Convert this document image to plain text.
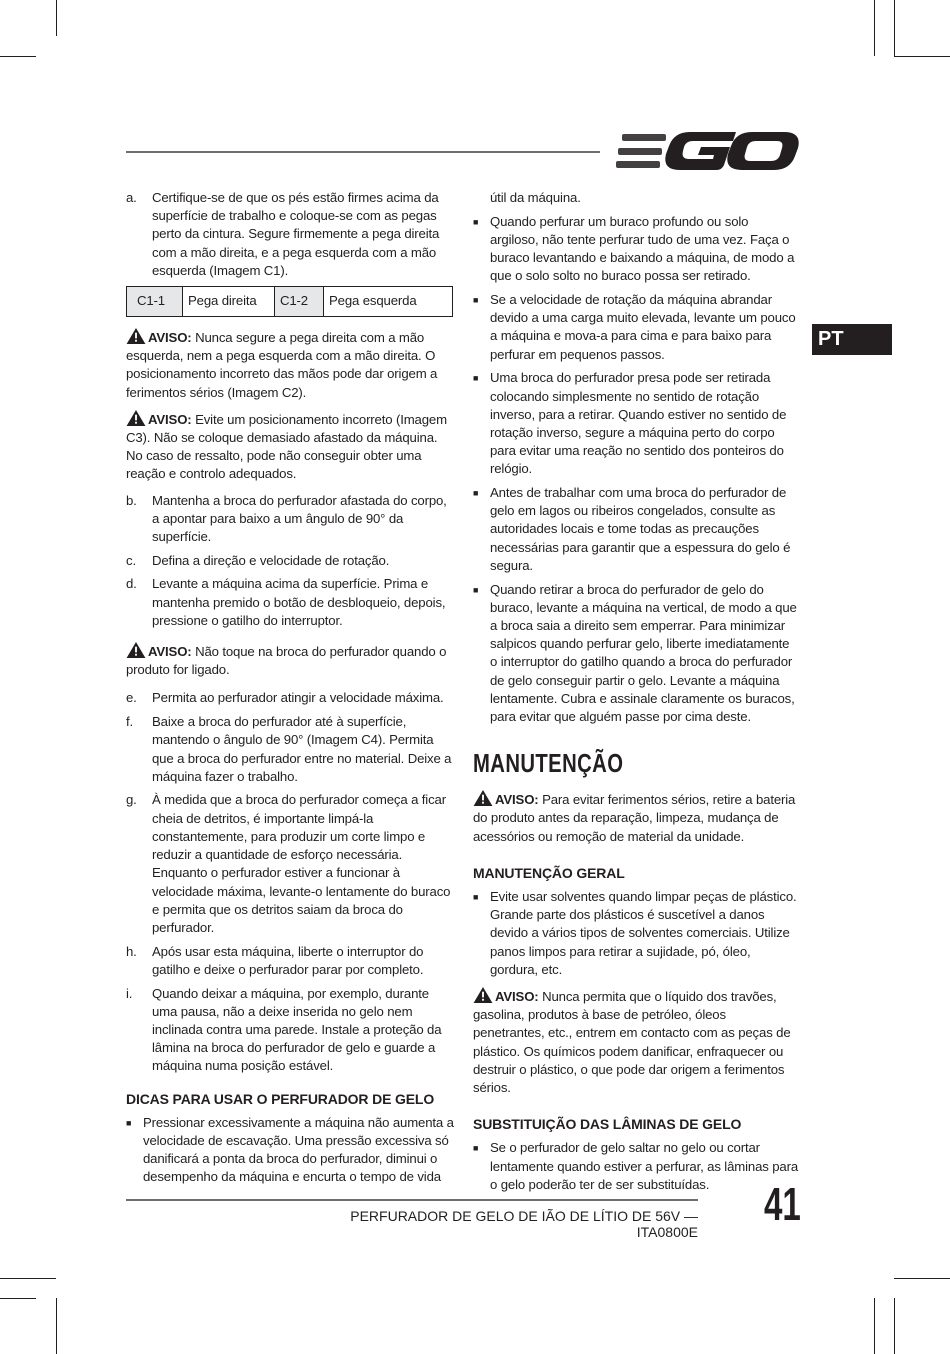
PT
a.	Certifique-se de que os pés estão firmes acima da superfície de trabalho e coloque-se com as pegas perto da cintura. Segure firmemente a pega direita com a mão direita, e a pega esquerda com a mão esquerda (Imagem C1).
C1-1	Pega direita	C1-2	Pega esquerda

AVISO: Nunca segure a pega direita com a mão esquerda, nem a pega esquerda com a mão direita. O posicionamento incorreto das mãos pode dar origem a ferimentos sérios (Imagem C2).

AVISO: Evite um posicionamento incorreto (Imagem C3). Não se coloque demasiado afastado da máquina. No caso de ressalto, pode não conseguir obter uma reação e controlo adequados.

b.	Mantenha a broca do perfurador afastada do corpo, a apontar para baixo a um ângulo de 90° da superfície.
c.	Defina a direção e velocidade de rotação.
d.	Levante a máquina acima da superfície. Prima e mantenha premido o botão de desbloqueio, depois, pressione o gatilho do interruptor.

AVISO: Não toque na broca do perfurador quando o produto for ligado.

e.	Permita ao perfurador atingir a velocidade máxima.
f.	Baixe a broca do perfurador até à superfície, mantendo o ângulo de 90° (Imagem C4). Permita que a broca do perfurador entre no material. Deixe a máquina fazer o trabalho.
g.	À medida que a broca do perfurador começa a ficar cheia de detritos, é importante limpá-la constantemente, para produzir um corte limpo e reduzir a quantidade de esforço necessária. Enquanto o perfurador estiver a funcionar à velocidade máxima, levante-o lentamente do buraco e permita que os detritos saiam da broca do perfurador.
h.	Após usar esta máquina, liberte o interruptor do gatilho e deixe o perfurador parar por completo.
i.	Quando deixar a máquina, por exemplo, durante uma pausa, não a deixe inserida no gelo nem inclinada contra uma parede. Instale a proteção da lâmina na broca do perfurador de gelo e guarde a máquina numa posição estável.
DICAS PARA USAR O PERFURADOR DE GELO
■ Pressionar excessivamente a máquina não aumenta a velocidade de escavação. Uma pressão excessiva só danificará a ponta da broca do perfurador, diminui o desempenho da máquina e encurta o tempo de vida
útil da máquina.
■ Quando perfurar um buraco profundo ou solo argiloso, não tente perfurar tudo de uma vez. Faça o buraco levantando e baixando a máquina, de modo a que o solo solto no buraco possa ser retirado.
■ Se a velocidade de rotação da máquina abrandar devido a uma carga muito elevada, levante um pouco a máquina e mova-a para cima e para baixo para perfurar em pequenos passos.
■ Uma broca do perfurador presa pode ser retirada colocando simplesmente no sentido de rotação inverso, para a retirar. Quando estiver no sentido de rotação inverso, segure a máquina perto do corpo para evitar uma reação no sentido dos ponteiros do relógio.
■ Antes de trabalhar com uma broca do perfurador de gelo em lagos ou ribeiros congelados, consulte as autoridades locais e tome todas as precauções necessárias para garantir que a espessura do gelo é segura.
■ Quando retirar a broca do perfurador de gelo do buraco, levante a máquina na vertical, de modo a que a broca saia a direito sem emperrar. Para minimizar salpicos quando perfurar gelo, liberte imediatamente o interruptor do gatilho quando a broca do perfurador de gelo conseguir partir o gelo. Levante a máquina lentamente. Cubra e assinale claramente os buracos, para evitar que alguém passe por cima deste.
MANUTENÇÃO

AVISO: Para evitar ferimentos sérios, retire a bateria do produto antes da reparação, limpeza, mudança de acessórios ou remoção de material da unidade.

MANUTENÇÃO GERAL
■ Evite usar solventes quando limpar peças de plástico. Grande parte dos plásticos é suscetível a danos devido a vários tipos de solventes comerciais. Utilize panos limpos para retirar a sujidade, pó, óleo, gordura, etc.

AVISO: Nunca permita que o líquido dos travões, gasolina, produtos à base de petróleo, óleos penetrantes, etc., entrem em contacto com as peças de plástico. Os químicos podem danificar, enfraquecer ou destruir o plástico, o que pode dar origem a ferimentos sérios.

SUBSTITUIÇÃO DAS LÂMINAS DE GELO
■ Se o perfurador de gelo saltar no gelo ou cortar lentamente quando estiver a perfurar, as lâminas para o gelo poderão ter de ser substituídas.
PERFURADOR DE GELO DE IÃO DE LÍTIO DE 56V — ITA0800E
41
